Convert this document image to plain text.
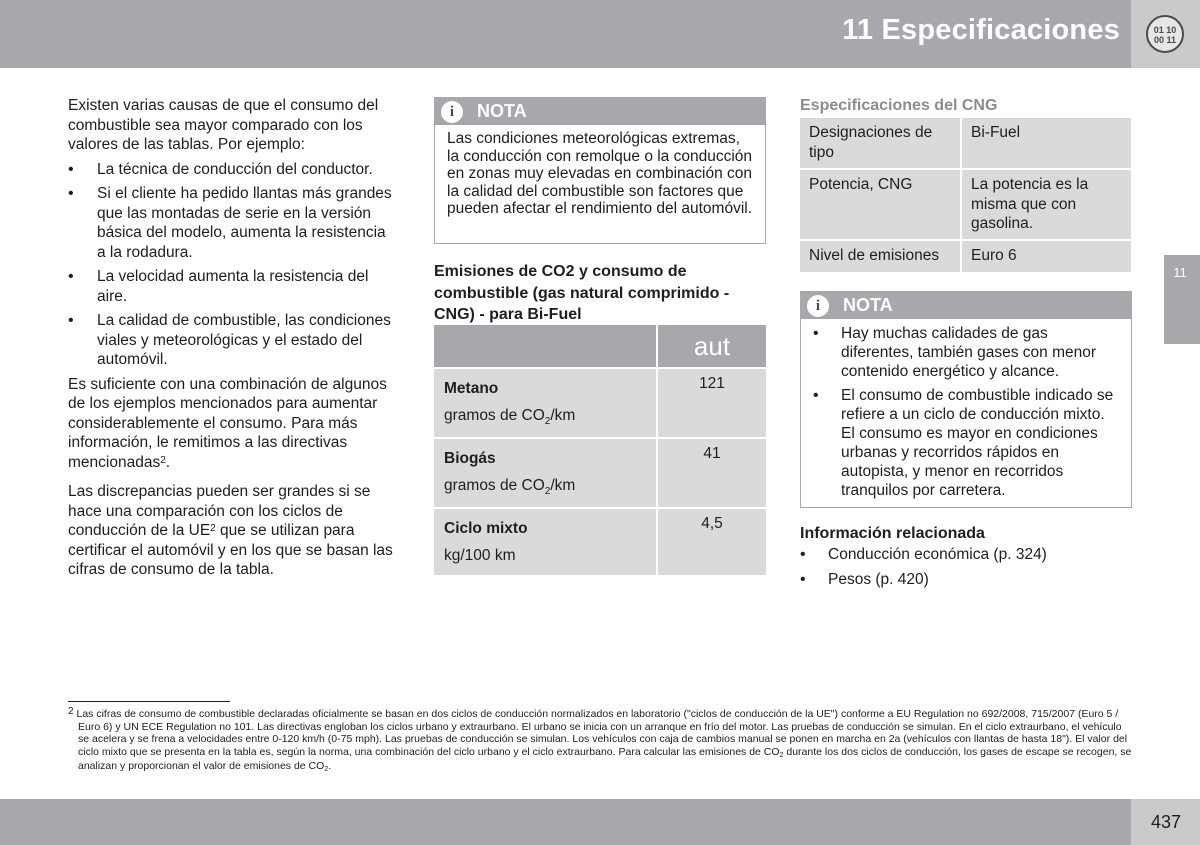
11 Especificaciones	01 10
00 11
11

Existen varias causas de que el consumo del combustible sea mayor comparado con los valores de las tablas. Por ejemplo:

• La técnica de conducción del conductor.
• Si el cliente ha pedido llantas más grandes que las montadas de serie en la versión básica del modelo, aumenta la resistencia a la rodadura.
• La velocidad aumenta la resistencia del aire.
• La calidad de combustible, las condiciones viales y meteorológicas y el estado del automóvil.

Es suficiente con una combinación de algunos de los ejemplos mencionados para aumentar considerablemente el consumo. Para más información, le remitimos a las directivas mencionadas$^2$.

Las discrepancias pueden ser grandes si se hace una comparación con los ciclos de conducción de la $UE^2$ que se utilizan para certificar el automóvil y en los que se basan las cifras de consumo de la tabla.

i	NOTA
Las condiciones meteorológicas extremas, la conducción con remolque o la conducción en zonas muy elevadas en combinación con la calidad del combustible son factores que pueden afectar el rendimiento del automóvil.
Emisiones de CO2 y consumo de combustible (gas natural comprimido - CNG) - para Bi-Fuel
	aut
Metano
gramos de $CO_2/km$	121
Biogás
gramos de $CO_2/km$	41
Ciclo mixto
kg/100 km	4,5
Especificaciones del CNG
Designaciones de tipo	Bi-Fuel
Potencia, CNG	La potencia es la misma que con gasolina.
Nivel de emisiones	Euro 6
i	NOTA
• Hay muchas calidades de gas diferentes, también gases con menor contenido energético y alcance.
• El consumo de combustible indicado se refiere a un ciclo de conducción mixto. El consumo es mayor en condiciones urbanas y recorridos rápidos en autopista, y menor en recorridos tranquilos por carretera.
Información relacionada
• Conducción económica (p. 324)
• Pesos (p. 420)
$^2$ Las cifras de consumo de combustible declaradas oficialmente se basan en dos ciclos de conducción normalizados en laboratorio ("ciclos de conducción de la UE") conforme a EU Regulation no 692/2008, 715/2007 (Euro 5 / Euro 6) y UN ECE Regulation no 101. Las directivas engloban los ciclos urbano y extraurbano. El urbano se inicia con un arranque en frío del motor. Las pruebas de conducción se simulan. En el ciclo extraurbano, el vehículo se acelera y se frena a velocidades entre 0-120 km/h (0-75 mph). Las pruebas de conducción se simulan. Los vehículos con caja de cambios manual se ponen en marcha en 2a (vehículos con llantas de hasta 18"). El valor del ciclo mixto que se presenta en la tabla es, según la norma, una combinación del ciclo urbano y el ciclo extraurbano. Para calcular las emisiones de $CO_2$ durante los dos ciclos de conducción, los gases de escape se recogen, se analizan y proporcionan el valor de emisiones de $CO_2$.
437
